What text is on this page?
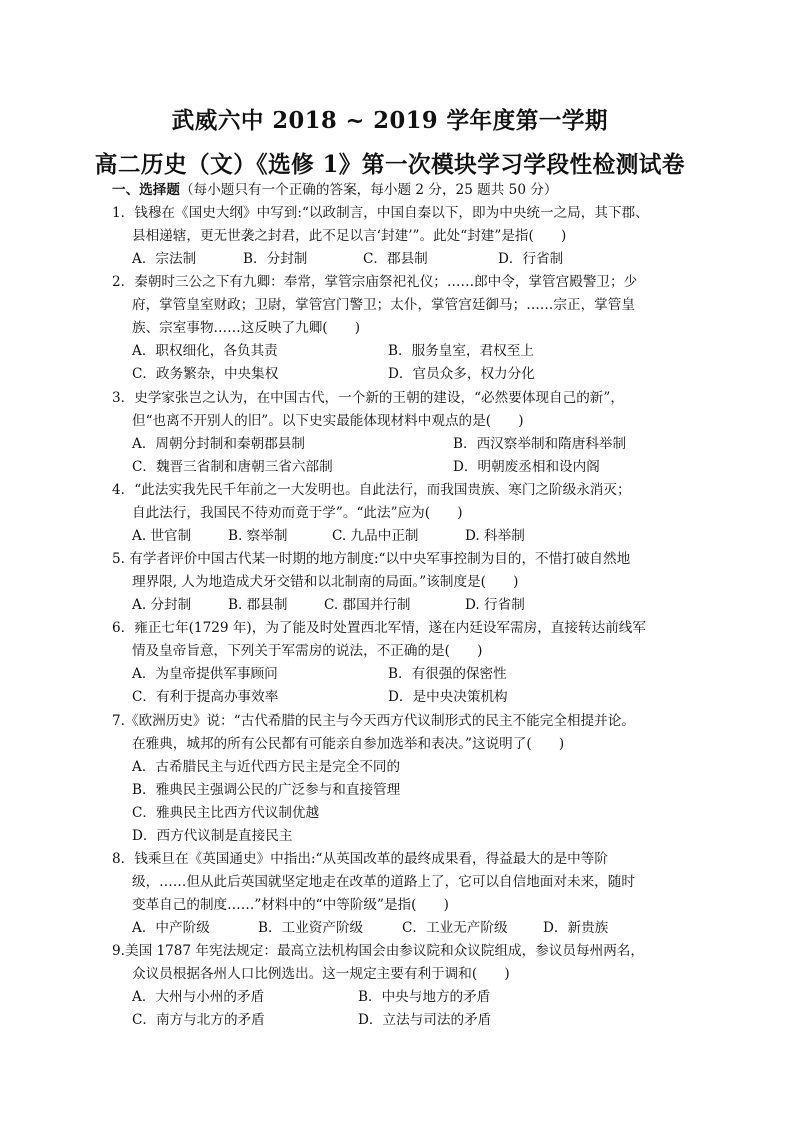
武威六中 2018 ~ 2019 学年度第一学期
高二历史（文）《选修 1》第一次模块学习学段性检测试卷
一、选择题（每小题只有一个正确的答案，每小题 2 分，25 题共 50 分）
1．钱穆在《国史大纲》中写到:“以政制言，中国自秦以下，即为中央统一之局，其下郡、
县相递辖，更无世袭之封君，此不足以言‘封建’”。此处“封建”是指(　　)
A．宗法制	B．分封制	C．郡县制	D．行省制
2．秦朝时三公之下有九卿：奉常，掌管宗庙祭祀礼仪；……郎中令，掌管宫殿警卫；少
府，掌管皇室财政；卫尉，掌管宫门警卫；太仆，掌管宫廷御马；……宗正，掌管皇
族、宗室事物……这反映了九卿(　　)
A．职权细化，各负其责	B．服务皇室，君权至上
C．政务繁杂，中央集权	D．官员众多，权力分化
3．史学家张岂之认为，在中国古代，一个新的王朝的建设，“必然要体现自己的新”，
但“也离不开别人的旧”。以下史实最能体现材料中观点的是(　　)
A．周朝分封制和秦朝郡县制	B．西汉察举制和隋唐科举制
C．魏晋三省制和唐朝三省六部制	D．明朝废丞相和设内阁
4．“此法实我先民千年前之一大发明也。自此法行，而我国贵族、寒门之阶级永消灭；
自此法行，我国民不待劝而竟于学”。“此法”应为(　　)
A. 世官制	B. 察举制	C. 九品中正制	D. 科举制
5. 有学者评价中国古代某一时期的地方制度:“以中央军事控制为目的，不惜打破自然地
理界限, 人为地造成犬牙交错和以北制南的局面。”该制度是(　　)
A. 分封制	B. 郡县制	C. 郡国并行制	D. 行省制
6．雍正七年(1729 年)，为了能及时处置西北军情，遂在内廷设军需房，直接转达前线军
情及皇帝旨意，下列关于军需房的说法，不正确的是(　　)
A．为皇帝提供军事顾问	B．有很强的保密性
C．有利于提高办事效率	D．是中央决策机构
7.《欧洲历史》说：“古代希腊的民主与今天西方代议制形式的民主不能完全相提并论。
在雅典，城邦的所有公民都有可能亲自参加选举和表决。”这说明了(　　)
A．古希腊民主与近代西方民主是完全不同的
B．雅典民主强调公民的广泛参与和直接管理
C．雅典民主比西方代议制优越
D．西方代议制是直接民主
8．钱乘旦在《英国通史》中指出:“从英国改革的最终成果看，得益最大的是中等阶
级，……但从此后英国就坚定地走在改革的道路上了，它可以自信地面对未来，随时
变革自己的制度……”材料中的“中等阶级”是指(　　)
A．中产阶级	B．工业资产阶级	C．工业无产阶级	D．新贵族
9.美国 1787 年宪法规定：最高立法机构国会由参议院和众议院组成，参议员每州两名，
众议员根据各州人口比例选出。这一规定主要有利于调和(　　)
A．大州与小州的矛盾	B．中央与地方的矛盾
C．南方与北方的矛盾	D．立法与司法的矛盾
